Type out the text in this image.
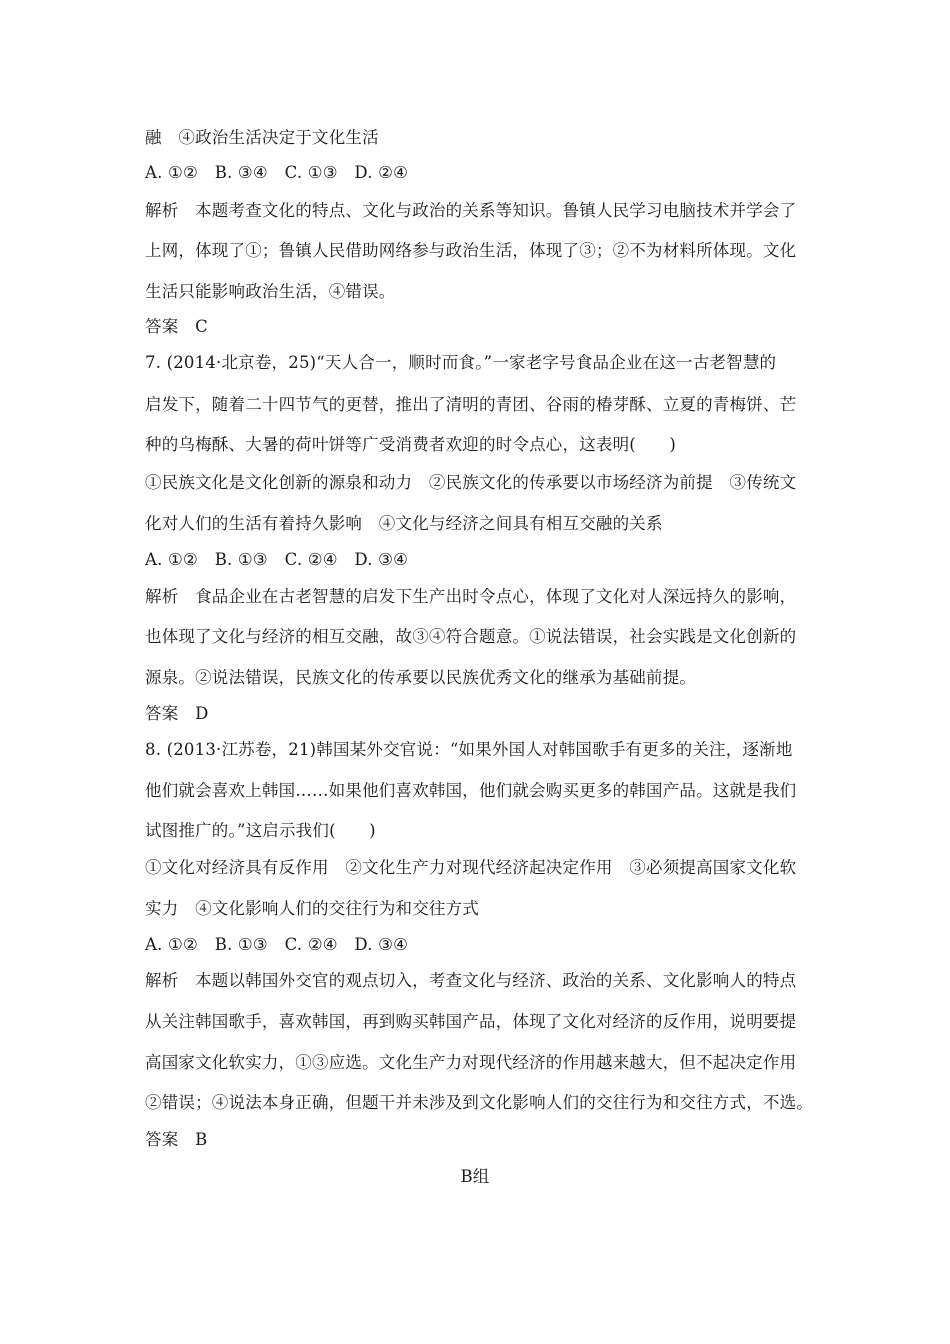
融　④政治生活决定于文化生活
A. ①②　B. ③④　C. ①③　D. ②④
解析　本题考查文化的特点、文化与政治的关系等知识。鲁镇人民学习电脑技术并学会了
上网，体现了①；鲁镇人民借助网络参与政治生活，体现了③；②不为材料所体现。文化
生活只能影响政治生活，④错误。
答案　C
7. (2014·北京卷，25)“天人合一，顺时而食。”一家老字号食品企业在这一古老智慧的
启发下，随着二十四节气的更替，推出了清明的青团、谷雨的椿芽酥、立夏的青梅饼、芒
种的乌梅酥、大暑的荷叶饼等广受消费者欢迎的时令点心，这表明(　　)
①民族文化是文化创新的源泉和动力　②民族文化的传承要以市场经济为前提　③传统文
化对人们的生活有着持久影响　④文化与经济之间具有相互交融的关系
A. ①②　B. ①③　C. ②④　D. ③④
解析　食品企业在古老智慧的启发下生产出时令点心，体现了文化对人深远持久的影响，
也体现了文化与经济的相互交融，故③④符合题意。①说法错误，社会实践是文化创新的
源泉。②说法错误，民族文化的传承要以民族优秀文化的继承为基础前提。
答案　D
8. (2013·江苏卷，21)韩国某外交官说：“如果外国人对韩国歌手有更多的关注，逐渐地
他们就会喜欢上韩国……如果他们喜欢韩国，他们就会购买更多的韩国产品。这就是我们
试图推广的。”这启示我们(　　)
①文化对经济具有反作用　②文化生产力对现代经济起决定作用　③必须提高国家文化软
实力　④文化影响人们的交往行为和交往方式
A. ①②　B. ①③　C. ②④　D. ③④
解析　本题以韩国外交官的观点切入，考查文化与经济、政治的关系、文化影响人的特点
从关注韩国歌手，喜欢韩国，再到购买韩国产品，体现了文化对经济的反作用，说明要提
高国家文化软实力，①③应选。文化生产力对现代经济的作用越来越大，但不起决定作用
②错误；④说法本身正确，但题干并未涉及到文化影响人们的交往行为和交往方式，不选。
答案　B
B组
